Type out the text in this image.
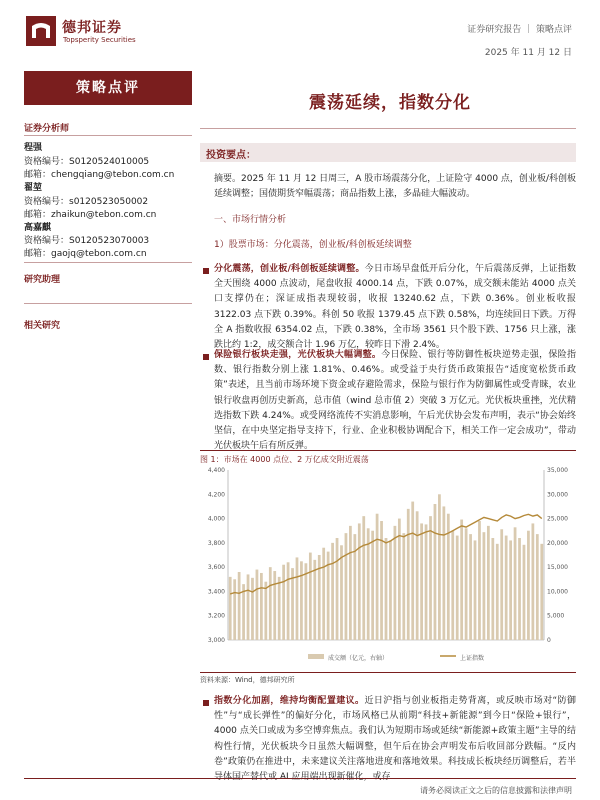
德邦证券
Topsperity Securities
证券研究报告 ｜ 策略点评
2025 年 11 月 12 日
策略点评
证券分析师
程强
资格编号：S0120524010005
邮箱：chengqiang@tebon.com.cn
翟堃
资格编号：s0120523050002
邮箱：zhaikun@tebon.com.cn
高嘉麒
资格编号：S0120523070003
邮箱：gaojq@tebon.com.cn
研究助理
相关研究
震荡延续，指数分化
投资要点：
摘要。2025 年 11 月 12 日周三，A 股市场震荡分化，上证险守 4000 点，创业板/科创板延续调整；国债期货窄幅震荡；商品指数上涨，多晶硅大幅波动。
一、市场行情分析
1）股票市场：分化震荡，创业板/科创板延续调整
分化震荡，创业板/科创板延续调整。今日市场早盘低开后分化，午后震荡反弹，上证指数全天围绕 4000 点波动，尾盘收报 4000.14 点，下跌 0.07%，成交额未能站 4000 点关口支撑仍在；深证成指表现较弱，收报 13240.62 点，下跌 0.36%。创业板收报 3122.03 点下跌 0.39%。科创 50 收报 1379.45 点下跌 0.58%，均连续回日下跌。万得全 A 指数收报 6354.02 点，下跌 0.38%，全市场 3561 只个股下跌、1756 只上涨，涨跌比约 1:2，成交额合计 1.96 万亿，较昨日下滑 2.4%。
保险银行板块走强，光伏板块大幅调整。今日保险、银行等防御性板块逆势走强，保险指数、银行指数分别上涨 1.81%、0.46%。或受益于央行货币政策报告“适度宽松货币政策”表述，且当前市场环境下资金或存避险需求，保险与银行作为防御属性或受青睐，农业银行收盘再创历史新高，总市值（wind 总市值 2）突破 3 万亿元。光伏板块重挫，光伏精选指数下跌 4.24%。或受网络流传不实消息影响，午后光伏协会发布声明，表示“协会始终坚信，在中央坚定指导支持下，行业、企业积极协调配合下，相关工作一定会成功”，带动光伏板块午后有所反弹。
图 1：市场在 4000 点位、2 万亿成交附近震荡
3,000
3,200
3,400
3,600
3,800
4,000
4,200
4,400
0
5,000
10,000
15,000
20,000
25,000
30,000
35,000
成交额（亿元，右轴）	上证指数
资料来源：Wind，德邦研究所
指数分化加剧，维持均衡配置建议。近日沪指与创业板指走势背离，或反映市场对“防御性”与“成长弹性”的偏好分化，市场风格已从前期“科技+新能源”到今日“保险+银行”，4000 点关口或成为多空博弈焦点。我们认为短期市场或延续“新能源+政策主题”主导的结构性行情，光伏板块今日虽然大幅调整，但午后在协会声明发布后收回部分跌幅。“反内卷”政策仍在推进中，未来建议关注落地进度和落地效果。科技成长板块经历调整后，若半导体国产替代或 AI 应用端出现新催化，或存
请务必阅读正文之后的信息披露和法律声明
